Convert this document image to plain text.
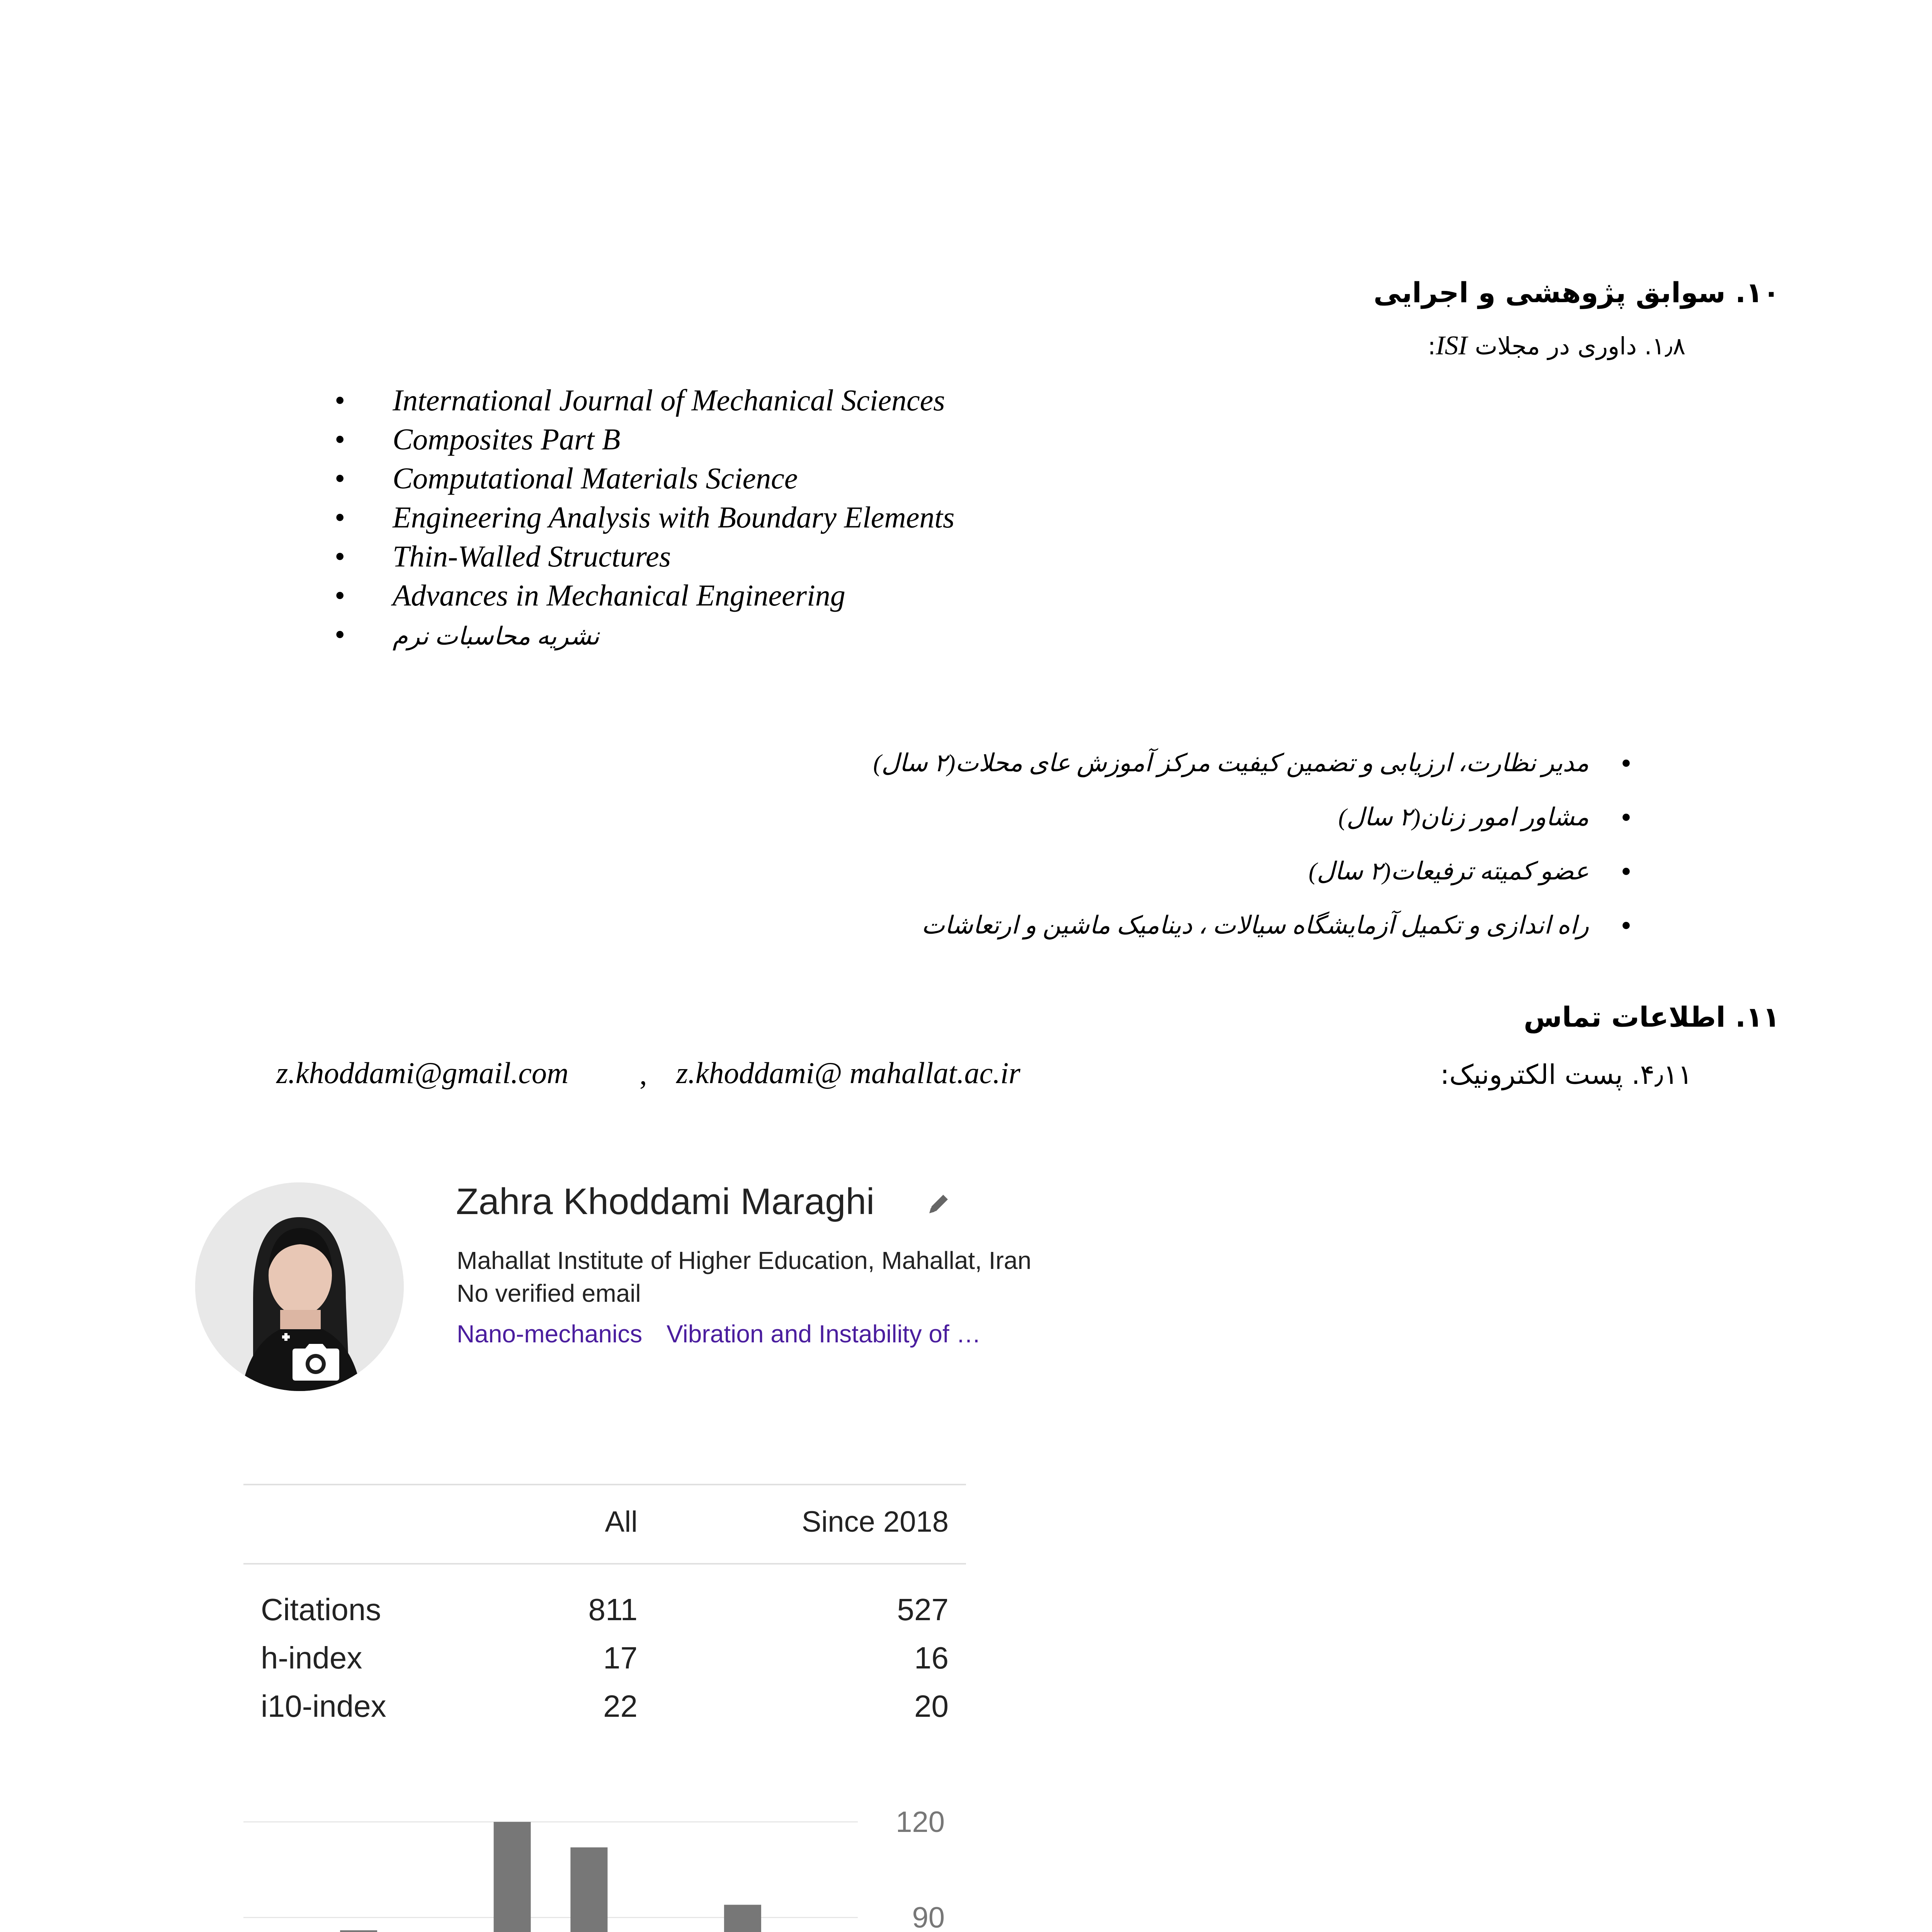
۱۰. سوابق پژوهشی و اجرایی
۱٫۸. داوری در مجلات ISI:
• International Journal of Mechanical Sciences
• Composites Part B
• Computational Materials Science
• Engineering Analysis with Boundary Elements
• Thin-Walled Structures
• Advances in Mechanical Engineering
• نشریه محاسبات نرم
•
مدیر نظارت، ارزیابی و تضمین کیفیت مرکز آموزش عای محلات(۲ سال)
•
مشاور امور زنان(۲ سال)
•
عضو کمیته ترفیعات(۲ سال)
•
راه اندازی و تکمیل آزمایشگاه سیالات ، دینامیک ماشین و ارتعاشات
۱۱. اطلاعات تماس
۴٫۱۱. پست الکترونیک:
z.khoddami@ mahallat.ac.ir
,
z.khoddami@gmail.com
Zahra Khoddami Maraghi
Mahallat Institute of Higher Education, Mahallat, Iran
No verified email
Nano-mechanics Vibration and Instability of …
All	Since 2018
Citations	811	527
h-index	17	16
i10-index	22	20
90
120
